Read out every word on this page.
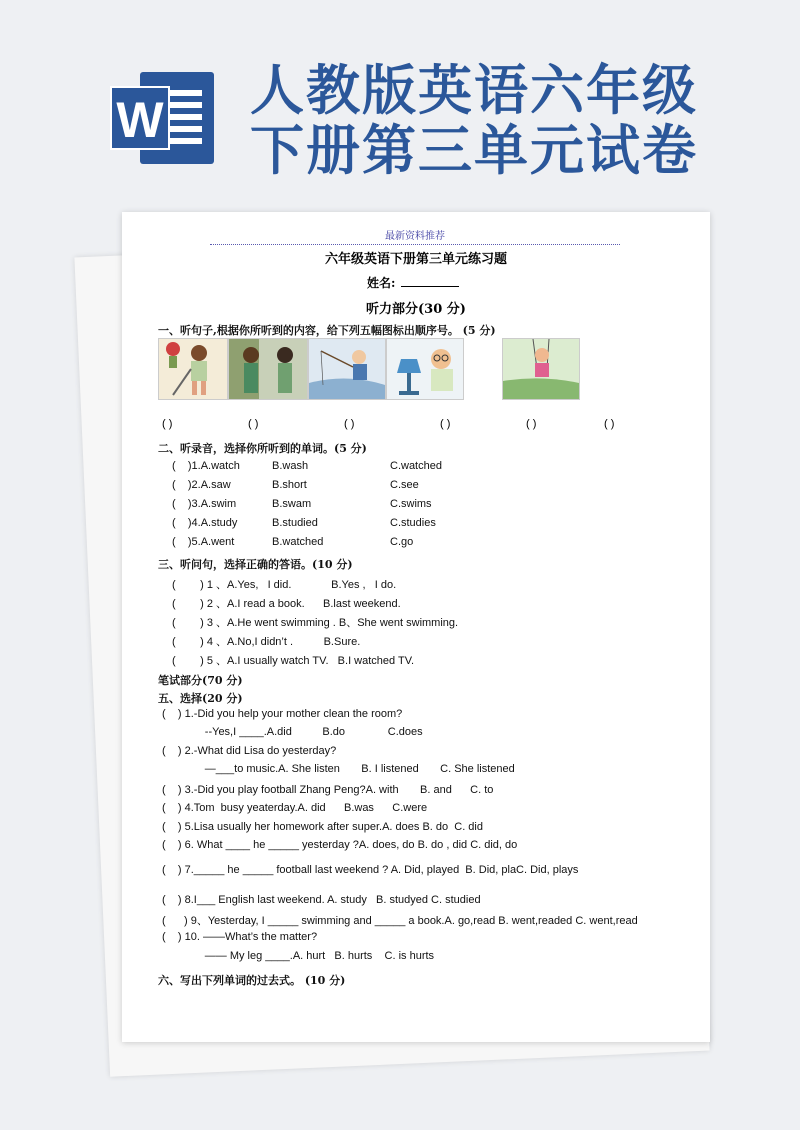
W 人教版英语六年级
下册第三单元试卷
最新资料推荐
六年级英语下册第三单元练习题
姓名:
听力部分(30 分)
一、听句子,根据你所听到的内容，给下列五幅图标出顺序号。 (5 分)
( )	( )	( )	( )	( )	( )
二、听录音，选择你所听到的单词。(5 分)
(    )1.A.watch	B.wash	C.watched
(    )2.A.saw	B.short	C.see
(    )3.A.swim	B.swam	C.swims
(    )4.A.study	B.studied	C.studies
(    )5.A.went	B.watched	C.go
三、听问句，选择正确的答语。(10 分)
(        ) 1 、A.Yes,   I did.             B.Yes ,   I do.
(        ) 2 、A.I read a book.      B.last weekend.
(        ) 3 、A.He went swimming . B、She went swimming.
(        ) 4 、A.No,I didn’t .          B.Sure.
(        ) 5 、A.I usually watch TV.   B.I watched TV.
笔试部分(70 分)
五、选择(20 分)
(    ) 1.-Did you help your mother clean the room?
--Yes,I ____.A.did          B.do              C.does
(    ) 2.-What did Lisa do yesterday?
—___to music.A. She listen       B. I listened       C. She listened
(    ) 3.-Did you play football Zhang Peng?A. with       B. and      C. to
(    ) 4.Tom  busy yeaterday.A. did      B.was      C.were
(    ) 5.Lisa usually her homework after super.A. does B. do  C. did
(    ) 6. What ____ he _____ yesterday ?A. does, do B. do , did C. did, do
(    ) 7._____ he _____ football last weekend ? A. Did, played  B. Did, plaC. Did, plays
(    ) 8.I___ English last weekend. A. study   B. studyed C. studied
(      ) 9、Yesterday, I _____ swimming and _____ a book.A. go,read B. went,readed C. went,read
(    ) 10. ——What’s the matter?
—— My leg ____.A. hurt   B. hurts    C. is hurts
六、写出下列单词的过去式。 (10 分)
